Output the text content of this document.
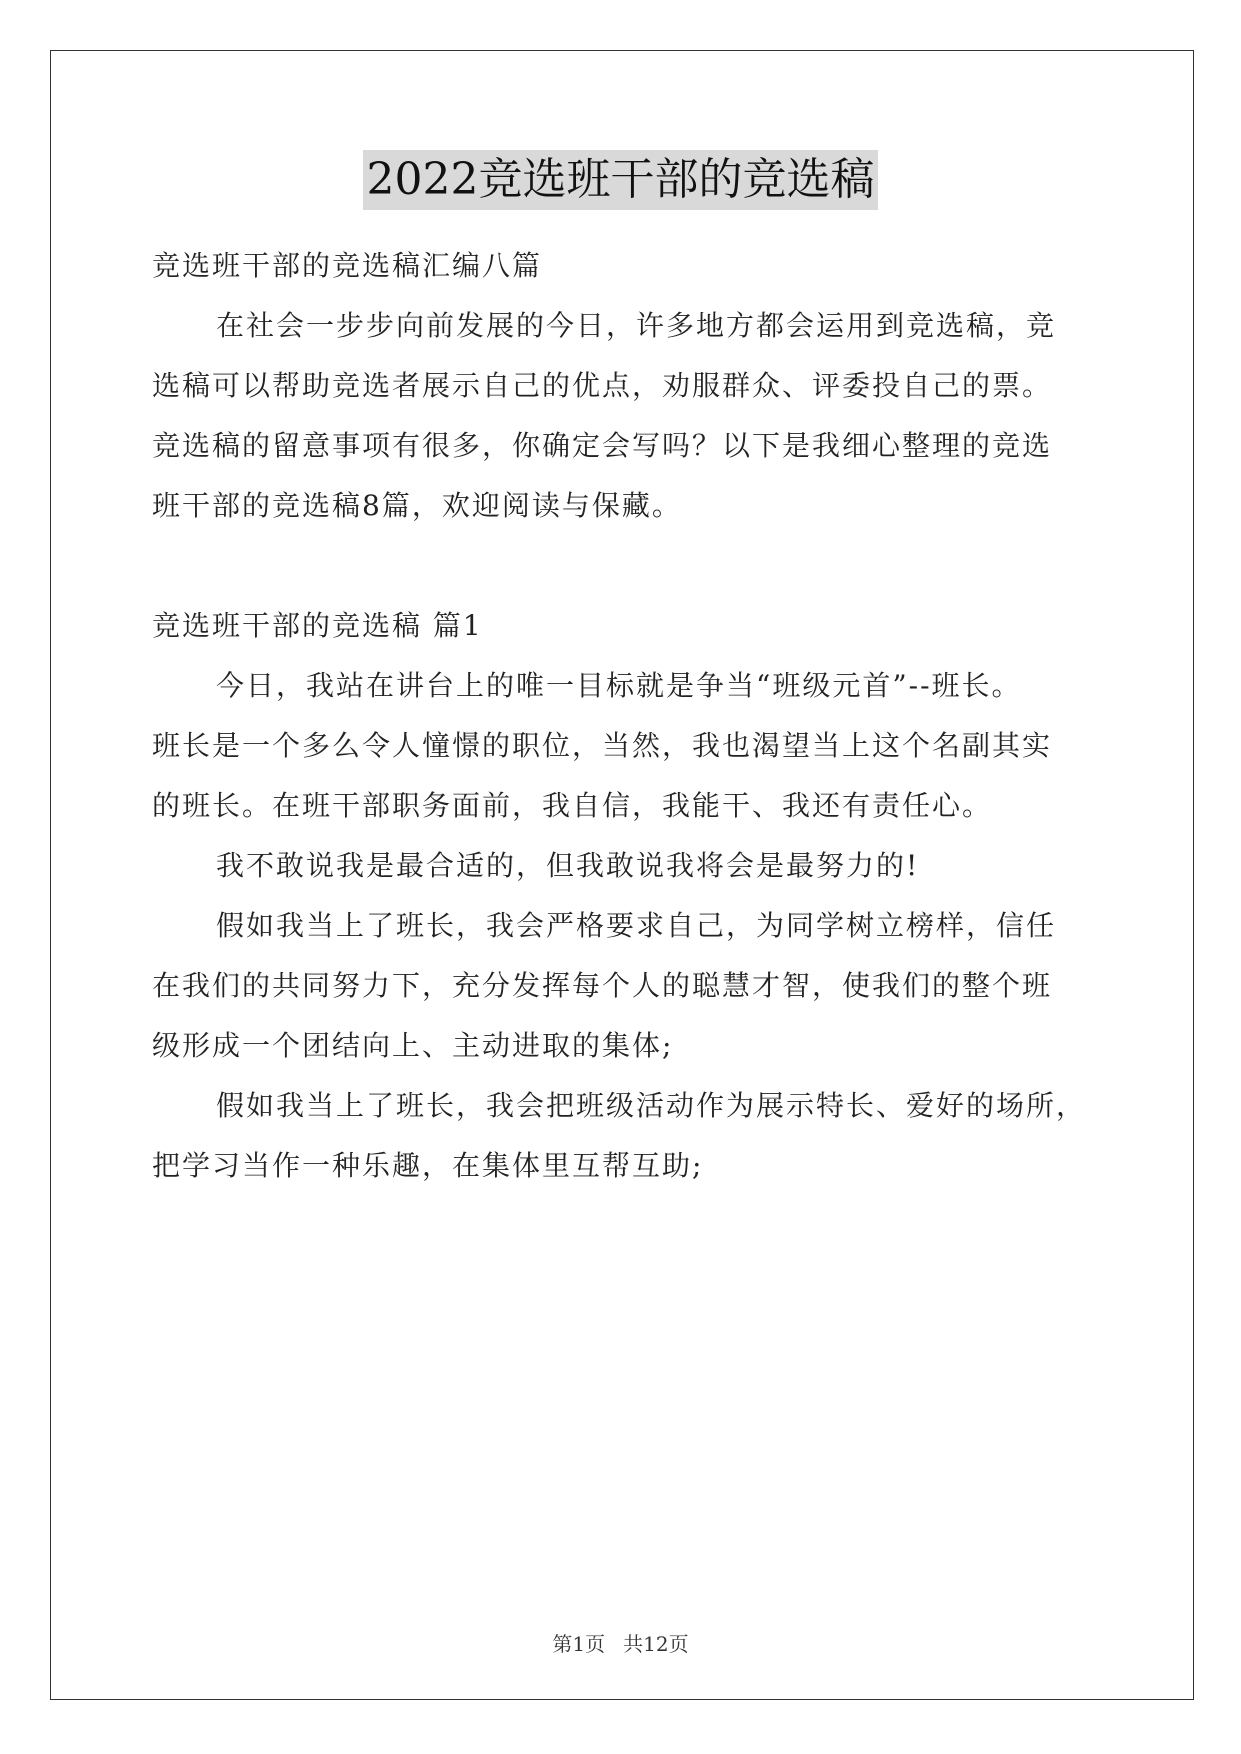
2022竞选班干部的竞选稿
竞选班干部的竞选稿汇编八篇
在社会一步步向前发展的今日，许多地方都会运用到竞选稿，竞
选稿可以帮助竞选者展示自己的优点，劝服群众、评委投自己的票。
竞选稿的留意事项有很多，你确定会写吗？以下是我细心整理的竞选
班干部的竞选稿8篇，欢迎阅读与保藏。
竞选班干部的竞选稿 篇1
今日，我站在讲台上的唯一目标就是争当“班级元首”--班长。
班长是一个多么令人憧憬的职位，当然，我也渴望当上这个名副其实
的班长。在班干部职务面前，我自信，我能干、我还有责任心。
我不敢说我是最合适的，但我敢说我将会是最努力的!
假如我当上了班长，我会严格要求自己，为同学树立榜样，信任
在我们的共同努力下，充分发挥每个人的聪慧才智，使我们的整个班
级形成一个团结向上、主动进取的集体;
假如我当上了班长，我会把班级活动作为展示特长、爱好的场所，
把学习当作一种乐趣，在集体里互帮互助;
第1页 共12页
